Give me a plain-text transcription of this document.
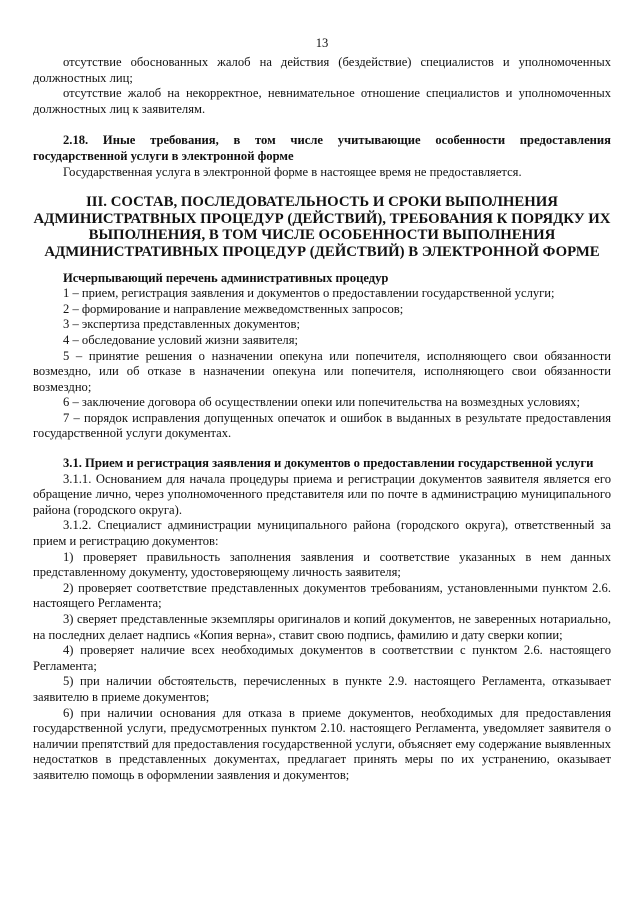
13

отсутствие обоснованных жалоб на действия (бездействие) специалистов и уполномоченных должностных лиц;

отсутствие жалоб на некорректное, невнимательное отношение специалистов и уполномоченных должностных лиц к заявителям.

2.18. Иные требования, в том числе учитывающие особенности предоставления государственной услуги в электронной форме

Государственная услуга в электронной форме в настоящее время не предоставляется.

III. СОСТАВ, ПОСЛЕДОВАТЕЛЬНОСТЬ И СРОКИ ВЫПОЛНЕНИЯ АДМИНИСТРАТВНЫХ ПРОЦЕДУР (ДЕЙСТВИЙ), ТРЕБОВАНИЯ К ПОРЯДКУ ИХ ВЫПОЛНЕНИЯ, В ТОМ ЧИСЛЕ ОСОБЕННОСТИ ВЫПОЛНЕНИЯ АДМИНИСТРАТИВНЫХ ПРОЦЕДУР (ДЕЙСТВИЙ) В ЭЛЕКТРОННОЙ ФОРМЕ

Исчерпывающий перечень административных процедур

1 – прием, регистрация заявления и документов о предоставлении государственной услуги;

2 – формирование и направление межведомственных запросов;

3 – экспертиза представленных документов;

4 – обследование условий жизни заявителя;

5 – принятие решения о назначении опекуна или попечителя, исполняющего свои обязанности возмездно, или об отказе в назначении опекуна или попечителя, исполняющего свои обязанности возмездно;

6 – заключение договора об осуществлении опеки или попечительства на возмездных условиях;

7 – порядок исправления допущенных опечаток и ошибок в выданных в результате предоставления государственной услуги документах.

3.1. Прием и регистрация заявления и документов о предоставлении государственной услуги

3.1.1. Основанием для начала процедуры приема и регистрации документов заявителя является его обращение лично, через уполномоченного представителя или по почте в администрацию муниципального района (городского округа).

3.1.2. Специалист администрации муниципального района (городского округа), ответственный за прием и регистрацию документов:

1) проверяет правильность заполнения заявления и соответствие указанных в нем данных представленному документу, удостоверяющему личность заявителя;

2) проверяет соответствие представленных документов требованиям, установленными пунктом 2.6. настоящего Регламента;

3) сверяет представленные экземпляры оригиналов и копий документов, не заверенных нотариально, на последних делает надпись «Копия верна», ставит свою подпись, фамилию и дату сверки копии;

4) проверяет наличие всех необходимых документов в соответствии с пунктом 2.6. настоящего Регламента;

5) при наличии обстоятельств, перечисленных в пункте 2.9. настоящего Регламента, отказывает заявителю в приеме документов;

6) при наличии основания для отказа в приеме документов, необходимых для предоставления государственной услуги, предусмотренных пунктом 2.10. настоящего Регламента, уведомляет заявителя о наличии препятствий для предоставления государственной услуги, объясняет ему содержание выявленных недостатков в представленных документах, предлагает принять меры по их устранению, оказывает заявителю помощь в оформлении заявления и документов;
